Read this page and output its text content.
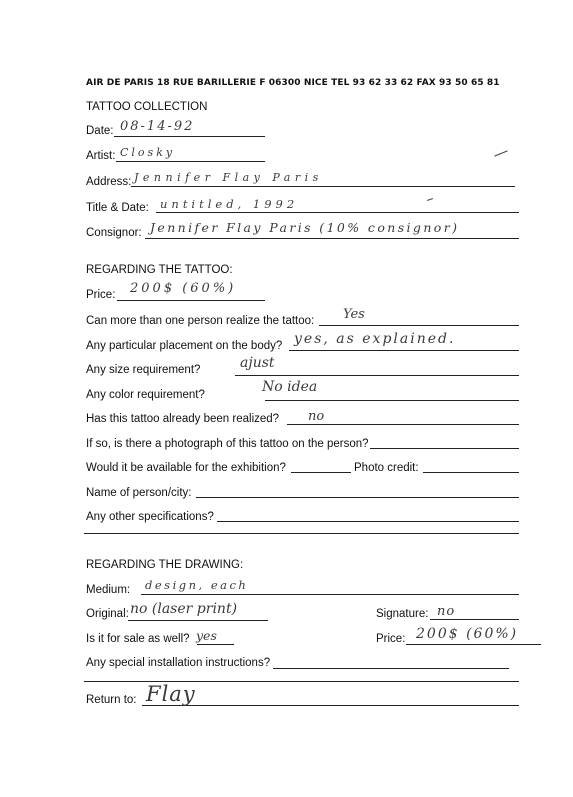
AIR DE PARIS 18 RUE BARILLERIE F 06300 NICE TEL 93 62 33 62 FAX 93 50 65 81
TATTOO COLLECTION
Date: 08-14-92
Artist: Closky
Address: Jennifer Flay Paris
Title & Date: untitled, 1992
Consignor: Jennifer Flay Paris (10% consignor)
REGARDING THE TATTOO:
Price: 200$ (60%)
Can more than one person realize the tattoo: Yes
Any particular placement on the body? yes, as explained.
Any size requirement?	ajust
Any color requirement?	No idea
Has this tattoo already been realized? no
If so, is there a photograph of this tattoo on the person?
Would it be available for the exhibition?	Photo credit:
Name of person/city:
Any other specifications?
REGARDING THE DRAWING:
Medium: design, each
Original: no (laser print)	Signature: no
Is it for sale as well? yes	Price: 200$ (60%)
Any special installation instructions?
Return to: Flay
